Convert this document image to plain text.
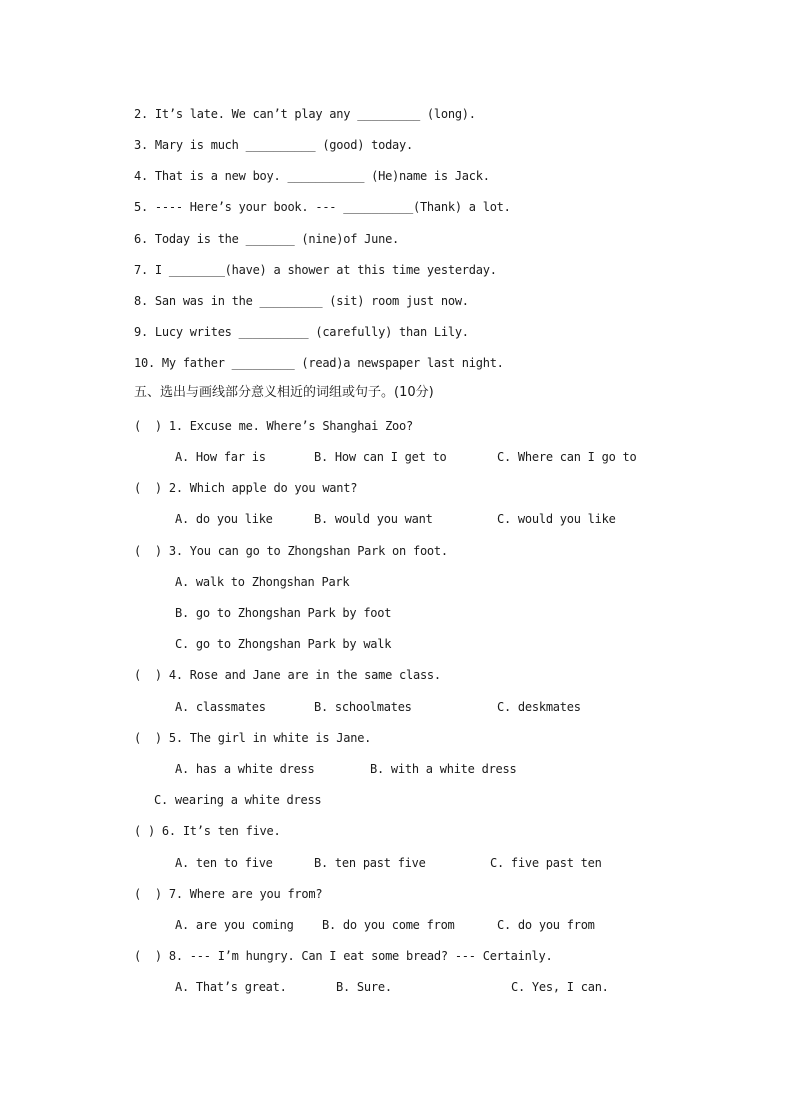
2. It’s late. We can’t play any _________ (long).
3. Mary is much __________ (good) today.
4. That is a new boy. ___________ (He)name is Jack.
5. ---- Here’s your book. --- __________(Thank) a lot.
6. Today is the _______ (nine)of June.
7. I ________(have) a shower at this time yesterday.
8. San was in the _________ (sit) room just now.
9. Lucy writes __________ (carefully) than Lily.
10. My father _________ (read)a newspaper last night.
五、选出与画线部分意义相近的词组或句子。(10分)
(  ) 1. Excuse me. Where’s Shanghai Zoo?
A. How far is	B. How can I get to	C. Where can I go to
(  ) 2. Which apple do you want?
A. do you like	B. would you want	C. would you like
(  ) 3. You can go to Zhongshan Park on foot.
A. walk to Zhongshan Park
B. go to Zhongshan Park by foot
C. go to Zhongshan Park by walk
(  ) 4. Rose and Jane are in the same class.
A. classmates	B. schoolmates	C. deskmates
(  ) 5. The girl in white is Jane.
A. has a white dress	B. with a white dress
C. wearing a white dress
( ) 6. It’s ten five.
A. ten to five	B. ten past five	C. five past ten
(  ) 7. Where are you from?
A. are you coming B. do you come from	C. do you from
(  ) 8. --- I’m hungry. Can I eat some bread? --- Certainly.
A. That’s great.	B. Sure.	C. Yes, I can.
